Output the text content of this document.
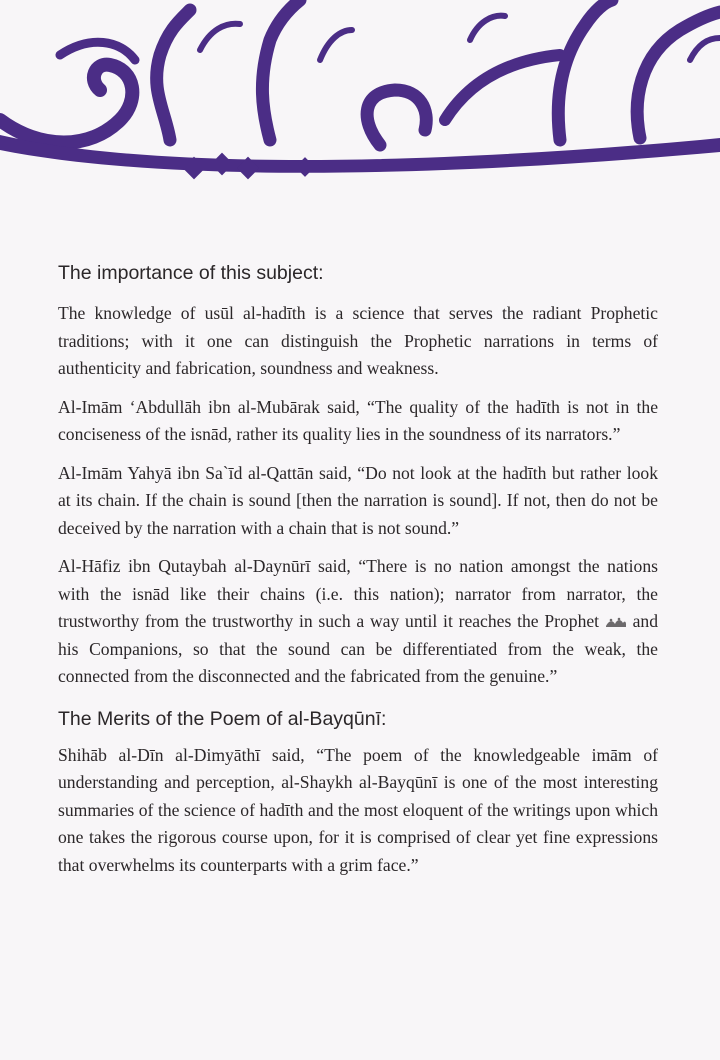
The importance of this subject:

The knowledge of usūl al-hadīth is a science that serves the radiant Prophetic traditions; with it one can distinguish the Prophetic narrations in terms of authenticity and fabrication, soundness and weakness.

Al-Imām ʻAbdullāh ibn al-Mubārak said, “The quality of the hadīth is not in the conciseness of the isnād, rather its quality lies in the soundness of its narrators.”

Al-Imām Yahyā ibn Sa`īd al-Qattān said, “Do not look at the hadīth but rather look at its chain. If the chain is sound [then the narration is sound]. If not, then do not be deceived by the narration with a chain that is not sound.”

Al-Hāfiz ibn Qutaybah al-Daynūrī said, “There is no nation amongst the nations with the isnād like their chains (i.e. this nation); narrator from narrator, the trustworthy from the trustworthy in such a way until it reaches the Prophet and his Companions, so that the sound can be differentiated from the weak, the connected from the disconnected and the fabricated from the genuine.”

The Merits of the Poem of al-Bayqūnī:

Shihāb al-Dīn al-Dimyāthī said, “The poem of the knowledgeable imām of understanding and perception, al-Shaykh al-Bayqūnī is one of the most interesting summaries of the science of hadīth and the most eloquent of the writings upon which one takes the rigorous course upon, for it is comprised of clear yet fine expressions that overwhelms its counterparts with a grim face.”
